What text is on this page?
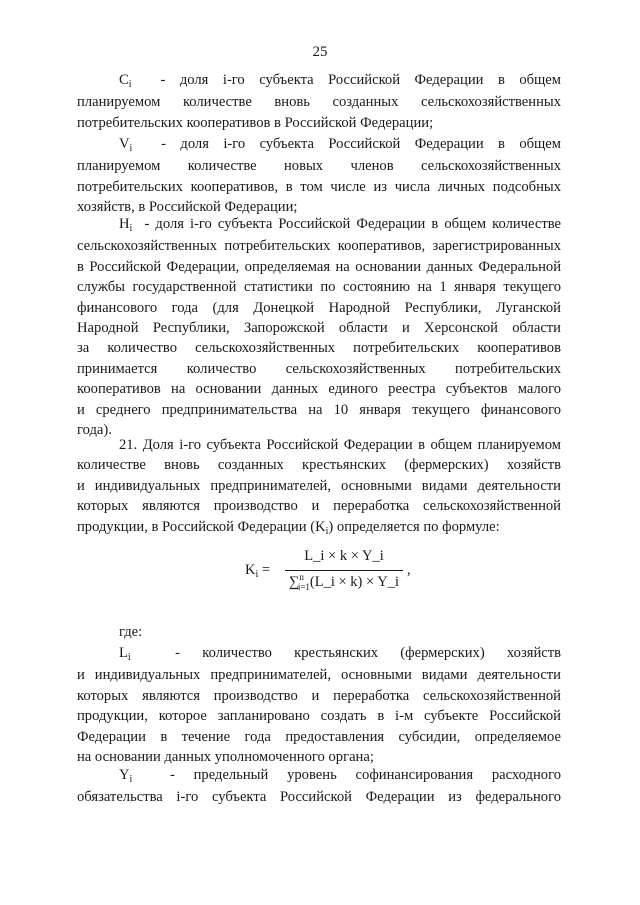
25
$C_i$ - доля i-го субъекта Российской Федерации в общем
планируемом количестве вновь созданных сельскохозяйственных
потребительских кооперативов в Российской Федерации;
$V_i$ - доля i-го субъекта Российской Федерации в общем
планируемом количестве новых членов сельскохозяйственных
потребительских кооперативов, в том числе из числа личных подсобных
хозяйств, в Российской Федерации;
$H_i$ - доля i-го субъекта Российской Федерации в общем количестве
сельскохозяйственных потребительских кооперативов, зарегистрированных
в Российской Федерации, определяемая на основании данных Федеральной
службы государственной статистики по состоянию на 1 января текущего
финансового года (для Донецкой Народной Республики, Луганской
Народной Республики, Запорожской области и Херсонской области
за количество сельскохозяйственных потребительских кооперативов
принимается количество сельскохозяйственных потребительских
кооперативов на основании данных единого реестра субъектов малого
и среднего предпринимательства на 10 января текущего финансового
года).
21. Доля i-го субъекта Российской Федерации в общем планируемом
количестве вновь созданных крестьянских (фермерских) хозяйств
и индивидуальных предпринимателей, основными видами деятельности
которых являются производство и переработка сельскохозяйственной
продукции, в Российской Федерации $(K_i)$ определяется по формуле:
$K_i$ =
L_i × k × Y_i
∑$^n_{i=1}$(L_i × k) × Y_i
,
где:
$L_i$	- количество крестьянских (фермерских) хозяйств
и индивидуальных предпринимателей, основными видами деятельности
которых являются производство и переработка сельскохозяйственной
продукции, которое запланировано создать в i-м субъекте Российской
Федерации в течение года предоставления субсидии, определяемое
на основании данных уполномоченного органа;
$Y_i$	- предельный уровень софинансирования расходного
обязательства i-го субъекта Российской Федерации из федерального
